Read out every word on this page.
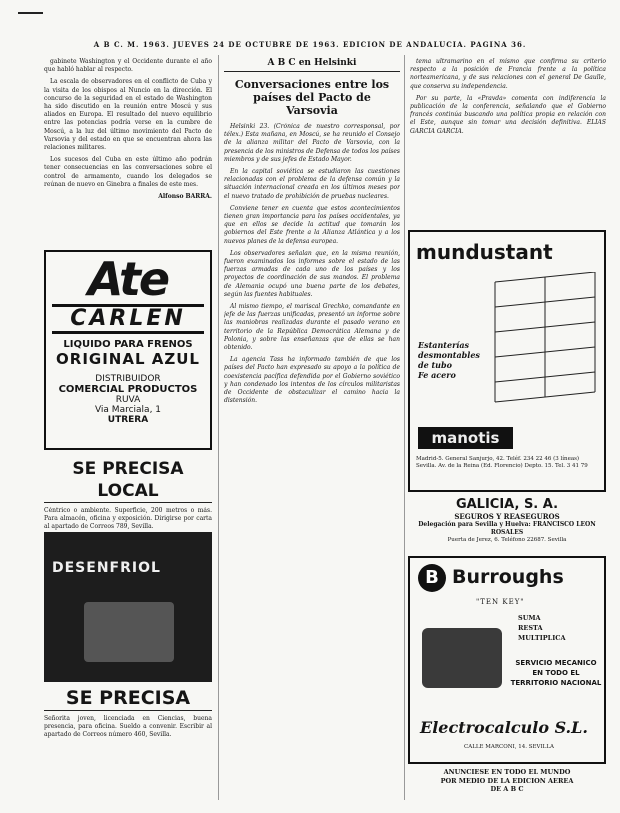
A B C. M. 1963. JUEVES 24 DE OCTUBRE DE 1963. EDICION DE ANDALUCIA. PAGINA 36.

gabinete Washington y el Occidente durante el año que habló hablar al respecto.

La escala de observadores en el conflicto de Cuba y la visita de los obispos al Nuncio en la dirección. El concurso de la seguridad en el estado de Washington ha sido discutido en la reunión entre Moscú y sus aliados en Europa. El resultado del nuevo equilibrio entre las potencias podría verse en la cumbre de Moscú, a la luz del último movimiento del Pacto de Varsovia y del estado en que se encuentran ahora las relaciones militares.

Los sucesos del Cuba en este último año podrán tener consecuencias en las conversaciones sobre el control de armamento, cuando los delegados se reúnan de nuevo en Ginebra a finales de este mes.

Alfonso BARRA.
Ate
CARLEN
LIQUIDO PARA FRENOS
ORIGINAL AZUL
DISTRIBUIDOR
COMERCIAL PRODUCTOS
RUVA
Via Marciala, 1
UTRERA
SE PRECISA LOCAL
Céntrico o ambiente. Superficie, 200 metros o más. Para almacén, oficina y exposición. Dirigirse por carta al apartado de Correos 789, Sevilla.
DESENFRIOL
SE PRECISA
Señorita joven, licenciada en Ciencias, buena presencia, para oficina. Sueldo a convenir. Escribir al apartado de Correos número 460, Sevilla.
A B C en Helsinki
Conversaciones entre los países del Pacto de Varsovia

Helsinki 23. (Crónica de nuestro corresponsal, por télex.) Esta mañana, en Moscú, se ha reunido el Consejo de la alianza militar del Pacto de Varsovia, con la presencia de los ministros de Defensa de todos los países miembros y de sus jefes de Estado Mayor.

En la capital soviética se estudiaron las cuestiones relacionadas con el problema de la defensa común y la situación internacional creada en los últimos meses por el nuevo tratado de prohibición de pruebas nucleares.

Conviene tener en cuenta que estos acontecimientos tienen gran importancia para los países occidentales, ya que en ellos se decide la actitud que tomarán los gobiernos del Este frente a la Alianza Atlántica y a los nuevos planes de la defensa europea.

Los observadores señalan que, en la misma reunión, fueron examinados los informes sobre el estado de las fuerzas armadas de cada uno de los países y los proyectos de coordinación de sus mandos. El problema de Alemania ocupó una buena parte de los debates, según las fuentes habituales.

Al mismo tiempo, el mariscal Grechko, comandante en jefe de las fuerzas unificadas, presentó un informe sobre las maniobras realizadas durante el pasado verano en territorio de la República Democrática Alemana y de Polonia, y sobre las enseñanzas que de ellas se han obtenido.

La agencia Tass ha informado también de que los países del Pacto han expresado su apoyo a la política de coexistencia pacífica defendida por el Gobierno soviético y han condenado los intentos de los círculos militaristas de Occidente de obstaculizar el camino hacia la distensión.

tema ultramarino en el mismo que confirma su criterio respecto a la posición de Francia frente a la política norteamericana, y de sus relaciones con el general De Gaulle, que conserva su independencia.

Por su parte, la «Pravda» comenta con indiferencia la publicación de la conferencia, señalando que el Gobierno francés continúa buscando una política propia en relación con el Este, aunque sin tomar una decisión definitiva. ELIAS GARCIA GARCIA.

mundustant
Estanterías
desmontables
de tubo
Fe acero
manotis
Madrid-5. General Sanjurjo, 42. Teléf. 234 22 46 (3 líneas)
Sevilla. Av. de la Reina (Ed. Florencio) Depto. 15. Tel. 3 41 79
GALICIA, S. A.
SEGUROS Y REASEGUROS
Delegación para Sevilla y Huelva: FRANCISCO LEON ROSALES
Puerta de Jerez, 6. Teléfono 22687. Sevilla
B Burroughs
"TEN KEY"
SUMA
RESTA
MULTIPLICA
SERVICIO MECANICO
EN TODO EL
TERRITORIO NACIONAL
Electrocalculo S.L.
CALLE MARCONI, 14. SEVILLA
ANUNCIESE EN TODO EL MUNDO
POR MEDIO DE LA EDICION AEREA
DE A B C
